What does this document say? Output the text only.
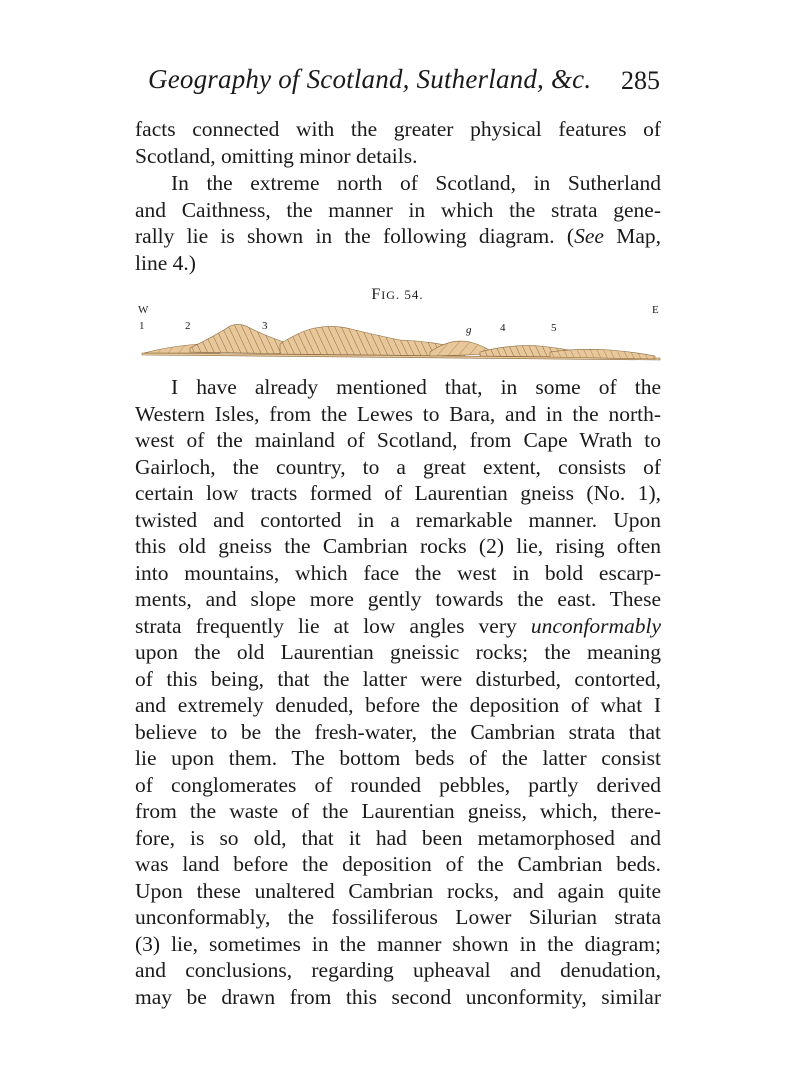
Geography of Scotland, Sutherland, &c. 285
facts connected with the greater physical features of
Scotland, omitting minor details.
In the extreme north of Scotland, in Sutherland
and Caithness, the manner in which the strata gene-
rally lie is shown in the following diagram. (See Map,
line 4.)
FIG. 54.
W	E
1	2	3	g	4	5
I have already mentioned that, in some of the
Western Isles, from the Lewes to Bara, and in the north-
west of the mainland of Scotland, from Cape Wrath to
Gairloch, the country, to a great extent, consists of
certain low tracts formed of Laurentian gneiss (No. 1),
twisted and contorted in a remarkable manner. Upon
this old gneiss the Cambrian rocks (2) lie, rising often
into mountains, which face the west in bold escarp-
ments, and slope more gently towards the east. These
strata frequently lie at low angles very unconformably
upon the old Laurentian gneissic rocks; the meaning
of this being, that the latter were disturbed, contorted,
and extremely denuded, before the deposition of what I
believe to be the fresh-water, the Cambrian strata that
lie upon them. The bottom beds of the latter consist
of conglomerates of rounded pebbles, partly derived
from the waste of the Laurentian gneiss, which, there-
fore, is so old, that it had been metamorphosed and
was land before the deposition of the Cambrian beds.
Upon these unaltered Cambrian rocks, and again quite
unconformably, the fossiliferous Lower Silurian strata
(3) lie, sometimes in the manner shown in the diagram;
and conclusions, regarding upheaval and denudation,
may be drawn from this second unconformity, similar
